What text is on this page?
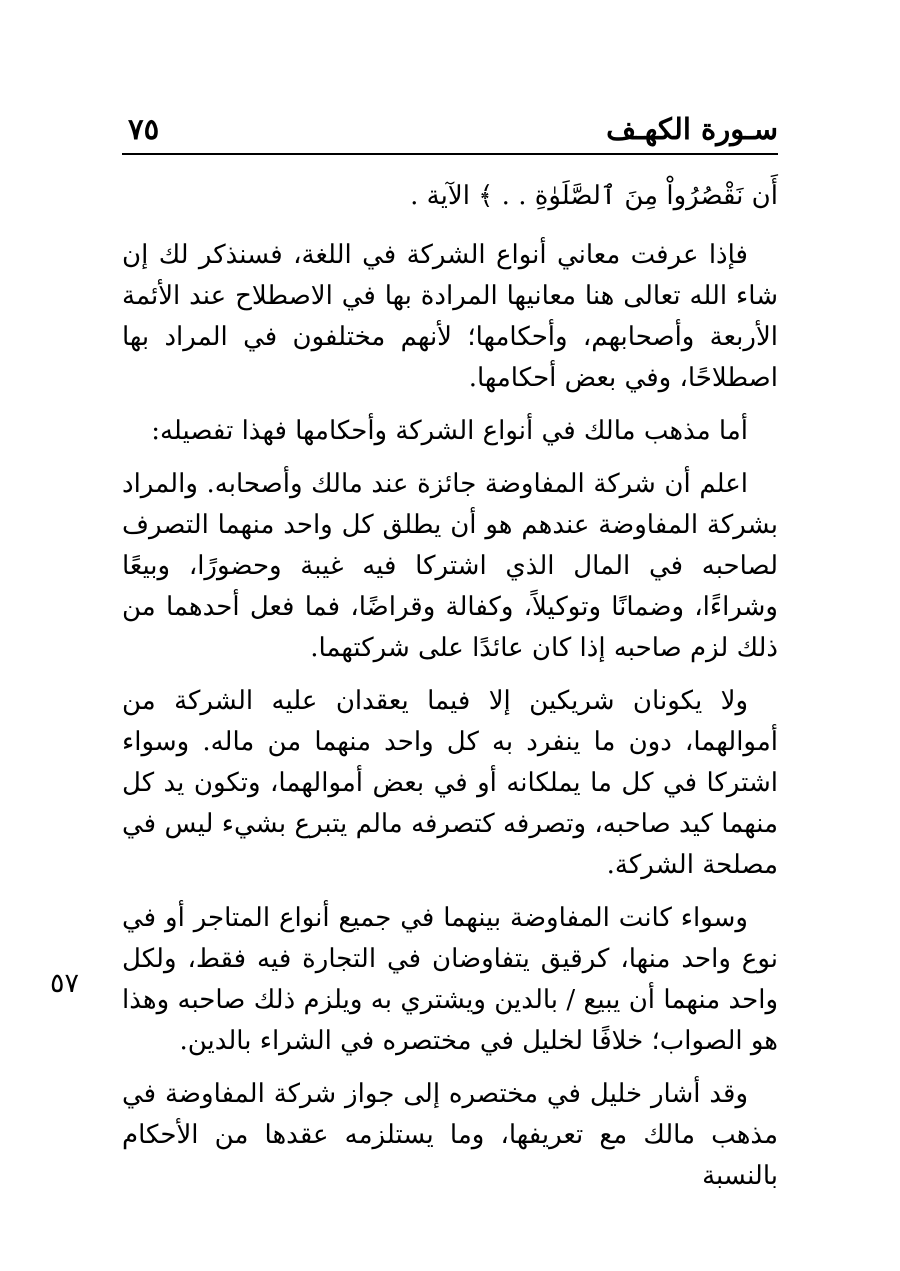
سـورة الكهـف
٧٥

أَن نَقْصُرُواْ مِنَ ٱلصَّلَوٰةِ . . ﴾ الآية .

فإذا عرفت معاني أنواع الشركة في اللغة، فسنذكر لك إن شاء الله تعالى هنا معانيها المرادة بها في الاصطلاح عند الأئمة الأربعة وأصحابهم، وأحكامها؛ لأنهم مختلفون في المراد بها اصطلاحًا، وفي بعض أحكامها.

أما مذهب مالك في أنواع الشركة وأحكامها فهذا تفصيله:

اعلم أن شركة المفاوضة جائزة عند مالك وأصحابه. والمراد بشركة المفاوضة عندهم هو أن يطلق كل واحد منهما التصرف لصاحبه في المال الذي اشتركا فيه غيبة وحضورًا، وبيعًا وشراءًا، وضمانًا وتوكيلاً، وكفالة وقراضًا، فما فعل أحدهما من ذلك لزم صاحبه إذا كان عائدًا على شركتهما.

ولا يكونان شريكين إلا فيما يعقدان عليه الشركة من أموالهما، دون ما ينفرد به كل واحد منهما من ماله. وسواء اشتركا في كل ما يملكانه أو في بعض أموالهما، وتكون يد كل منهما كيد صاحبه، وتصرفه كتصرفه مالم يتبرع بشيء ليس في مصلحة الشركة.

وسواء كانت المفاوضة بينهما في جميع أنواع المتاجر أو في نوع واحد منها، كرقيق يتفاوضان في التجارة فيه فقط، ولكل واحد منهما أن يبيع / بالدين ويشتري به ويلزم ذلك صاحبه وهذا هو الصواب؛ خلافًا لخليل في مختصره في الشراء بالدين.

وقد أشار خليل في مختصره إلى جواز شركة المفاوضة في مذهب مالك مع تعريفها، وما يستلزمه عقدها من الأحكام بالنسبة

٥٧
